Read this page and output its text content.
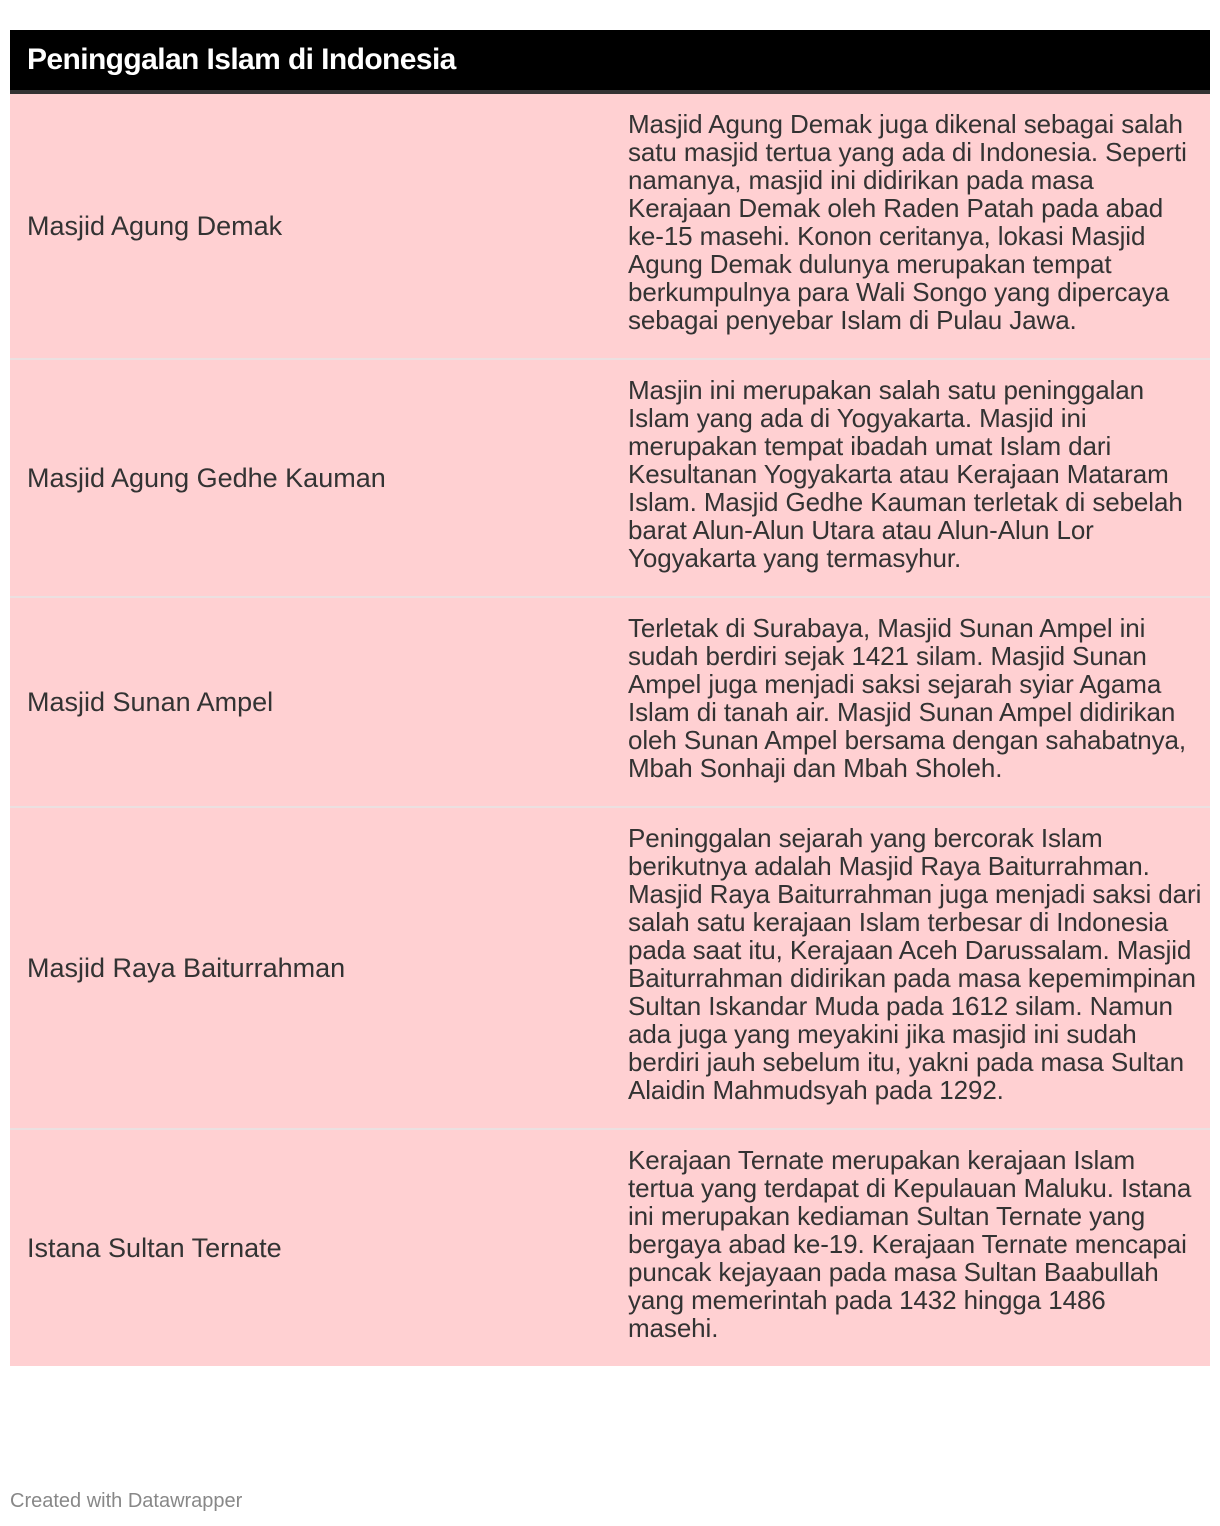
Peninggalan Islam di Indonesia
Masjid Agung Demak
Masjid Agung Demak juga dikenal sebagai salah satu masjid tertua yang ada di Indonesia. Seperti namanya, masjid ini didirikan pada masa Kerajaan Demak oleh Raden Patah pada abad ke-15 masehi. Konon ceritanya, lokasi Masjid Agung Demak dulunya merupakan tempat berkumpulnya para Wali Songo yang dipercaya sebagai penyebar Islam di Pulau Jawa.
Masjid Agung Gedhe Kauman
Masjin ini merupakan salah satu peninggalan Islam yang ada di Yogyakarta. Masjid ini merupakan tempat ibadah umat Islam dari Kesultanan Yogyakarta atau Kerajaan Mataram Islam. Masjid Gedhe Kauman terletak di sebelah barat Alun-Alun Utara atau Alun-Alun Lor Yogyakarta yang termasyhur.
Masjid Sunan Ampel
Terletak di Surabaya, Masjid Sunan Ampel ini sudah berdiri sejak 1421 silam. Masjid Sunan Ampel juga menjadi saksi sejarah syiar Agama Islam di tanah air. Masjid Sunan Ampel didirikan oleh Sunan Ampel bersama dengan sahabatnya, Mbah Sonhaji dan Mbah Sholeh.
Masjid Raya Baiturrahman
Peninggalan sejarah yang bercorak Islam berikutnya adalah Masjid Raya Baiturrahman. Masjid Raya Baiturrahman juga menjadi saksi dari salah satu kerajaan Islam terbesar di Indonesia pada saat itu, Kerajaan Aceh Darussalam. Masjid Baiturrahman didirikan pada masa kepemimpinan Sultan Iskandar Muda pada 1612 silam. Namun ada juga yang meyakini jika masjid ini sudah berdiri jauh sebelum itu, yakni pada masa Sultan Alaidin Mahmudsyah pada 1292.
Istana Sultan Ternate
Kerajaan Ternate merupakan kerajaan Islam tertua yang terdapat di Kepulauan Maluku. Istana ini merupakan kediaman Sultan Ternate yang bergaya abad ke-19. Kerajaan Ternate mencapai puncak kejayaan pada masa Sultan Baabullah yang memerintah pada 1432 hingga 1486 masehi.
Created with Datawrapper
